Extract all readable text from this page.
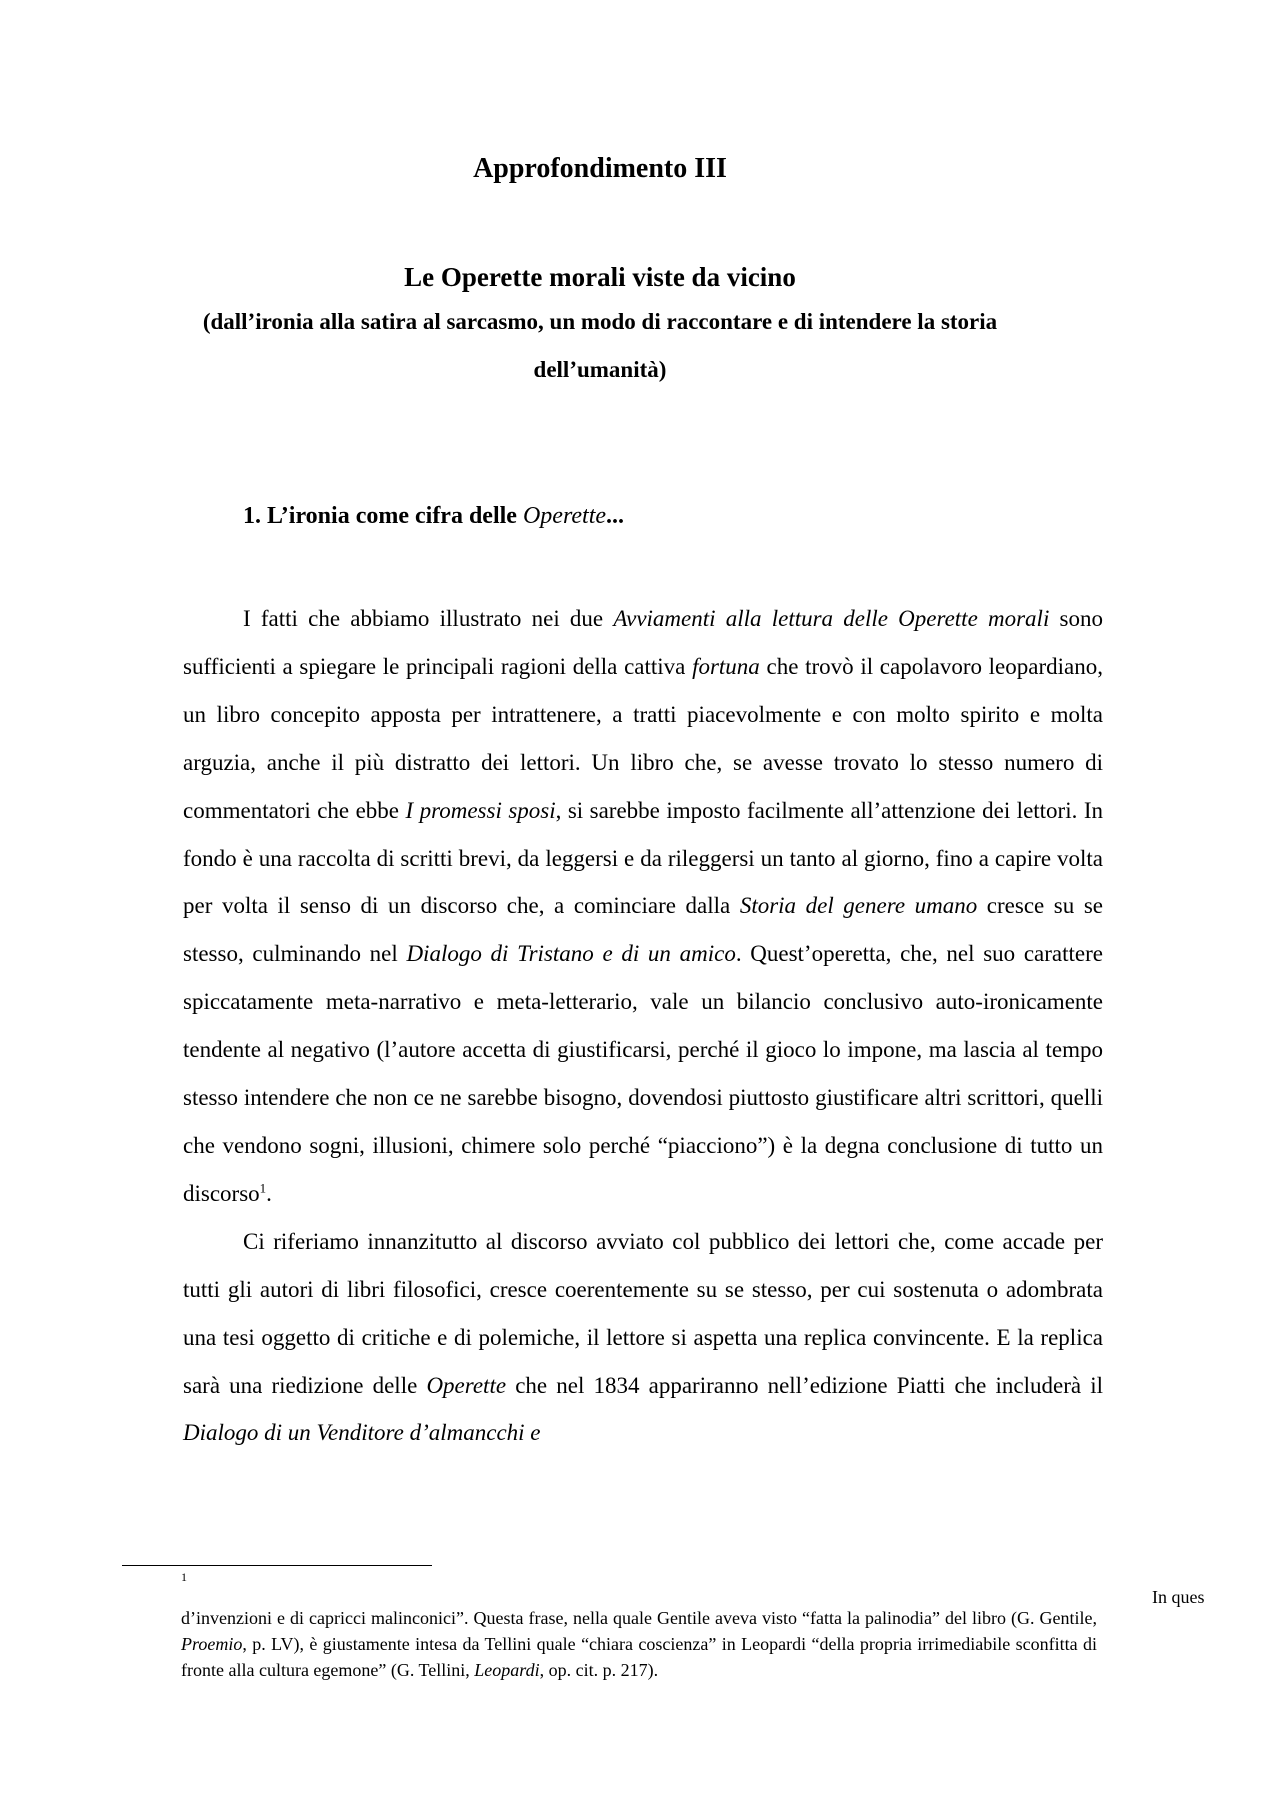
Approfondimento III
Le Operette morali viste da vicino
(dall’ironia alla satira al sarcasmo, un modo di raccontare e di intendere la storia dell’umanità)
1. L’ironia come cifra delle Operette...

I fatti che abbiamo illustrato nei due Avviamenti alla lettura delle Operette morali sono sufficienti a spiegare le principali ragioni della cattiva fortuna che trovò il capolavoro leopardiano, un libro concepito apposta per intrattenere, a tratti piacevolmente e con molto spirito e molta arguzia, anche il più distratto dei lettori. Un libro che, se avesse trovato lo stesso numero di commentatori che ebbe I promessi sposi, si sarebbe imposto facilmente all’attenzione dei lettori. In fondo è una raccolta di scritti brevi, da leggersi e da rileggersi un tanto al giorno, fino a capire volta per volta il senso di un discorso che, a cominciare dalla Storia del genere umano cresce su se stesso, culminando nel Dialogo di Tristano e di un amico. Quest’operetta, che, nel suo carattere spiccatamente meta-narrativo e meta-letterario, vale un bilancio conclusivo auto-ironicamente tendente al negativo (l’autore accetta di giustificarsi, perché il gioco lo impone, ma lascia al tempo stesso intendere che non ce ne sarebbe bisogno, dovendosi piuttosto giustificare altri scrittori, quelli che vendono sogni, illusioni, chimere solo perché “piacciono”) è la degna conclusione di tutto un discorso$^1$.

Ci riferiamo innanzitutto al discorso avviato col pubblico dei lettori che, come accade per tutti gli autori di libri filosofici, cresce coerentemente su se stesso, per cui sostenuta o adombrata una tesi oggetto di critiche e di polemiche, il lettore si aspetta una replica convincente. E la replica sarà una riedizione delle Operette che nel 1834 appariranno nell’edizione Piatti che includerà il Dialogo di un Venditore d’almancchi e

1
In ques
d’invenzioni e di capricci malinconici”. Questa frase, nella quale Gentile aveva visto “fatta la palinodia” del libro (G. Gentile, Proemio, p. LV), è giustamente intesa da Tellini quale “chiara coscienza” in Leopardi “della propria irrimediabile sconfitta di fronte alla cultura egemone” (G. Tellini, Leopardi, op. cit. p. 217).
